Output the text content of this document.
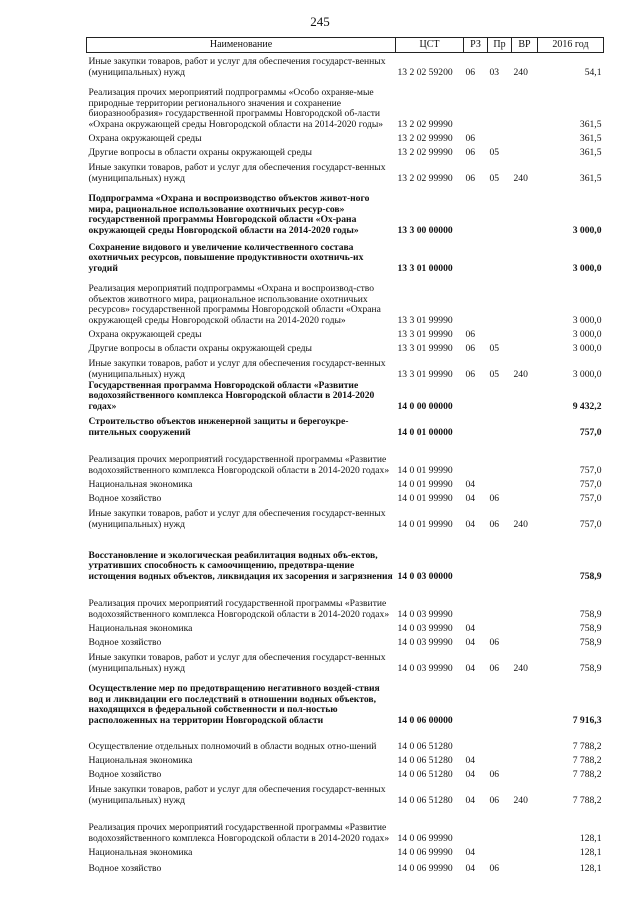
245
Наименование	ЦСТ	РЗ	Пр	ВР	2016 год
Иные закупки товаров, работ и услуг для обеспечения государст-венных (муниципальных) нужд	13 2 02 59200	06	03	240	54,1
Реализация прочих мероприятий подпрограммы «Особо охраняе-мые природные территории регионального значения и сохранение биоразнообразия» государственной программы Новгородской об-ласти «Охрана окружающей среды Новгородской области на 2014-2020 годы»	13 2 02 99990				361,5
Охрана окружающей среды	13 2 02 99990	06			361,5
Другие вопросы в области охраны окружающей среды	13 2 02 99990	06	05		361,5
Иные закупки товаров, работ и услуг для обеспечения государст-венных (муниципальных) нужд	13 2 02 99990	06	05	240	361,5
Подпрограмма «Охрана и воспроизводство объектов живот-ного мира, рациональное использование охотничьих ресур-сов» государственной программы Новгородской области «Ох-рана окружающей среды Новгородской области на 2014-2020 годы»	13 3 00 00000				3 000,0
Сохранение видового и увеличение количественного состава охотничьих ресурсов, повышение продуктивности охотничь-их угодий	13 3 01 00000				3 000,0
Реализация мероприятий подпрограммы «Охрана и воспроизвод-ство объектов животного мира, рациональное использование охотничьих ресурсов» государственной программы Новгородской области «Охрана окружающей среды Новгородской области на 2014-2020 годы»	13 3 01 99990				3 000,0
Охрана окружающей среды	13 3 01 99990	06			3 000,0
Другие вопросы в области охраны окружающей среды	13 3 01 99990	06	05		3 000,0
Иные закупки товаров, работ и услуг для обеспечения государст-венных (муниципальных) нужд	13 3 01 99990	06	05	240	3 000,0
Государственная программа Новгородской области «Развитие водохозяйственного комплекса Новгородской области в 2014-2020 годах»	14 0 00 00000				9 432,2
Строительство объектов инженерной защиты и берегоукре-пительных сооружений	14 0 01 00000				757,0
Реализация прочих мероприятий государственной программы «Развитие водохозяйственного комплекса Новгородской области в 2014-2020 годах»	14 0 01 99990				757,0
Национальная экономика	14 0 01 99990	04			757,0
Водное хозяйство	14 0 01 99990	04	06		757,0
Иные закупки товаров, работ и услуг для обеспечения государст-венных (муниципальных) нужд	14 0 01 99990	04	06	240	757,0
Восстановление и экологическая реабилитация водных объ-ектов, утративших способность к самоочищению, предотвра-щение истощения водных объектов, ликвидация их засорения и загрязнения	14 0 03 00000				758,9
Реализация прочих мероприятий государственной программы «Развитие водохозяйственного комплекса Новгородской области в 2014-2020 годах»	14 0 03 99990				758,9
Национальная экономика	14 0 03 99990	04			758,9
Водное хозяйство	14 0 03 99990	04	06		758,9
Иные закупки товаров, работ и услуг для обеспечения государст-венных (муниципальных) нужд	14 0 03 99990	04	06	240	758,9
Осуществление мер по предотвращению негативного воздей-ствия вод и ликвидации его последствий в отношении водных объектов, находящихся в федеральной собственности и пол-ностью расположенных на территории Новгородской области	14 0 06 00000				7 916,3
Осуществление отдельных полномочий в области водных отно-шений	14 0 06 51280				7 788,2
Национальная экономика	14 0 06 51280	04			7 788,2
Водное хозяйство	14 0 06 51280	04	06		7 788,2
Иные закупки товаров, работ и услуг для обеспечения государст-венных (муниципальных) нужд	14 0 06 51280	04	06	240	7 788,2
Реализация прочих мероприятий государственной программы «Развитие водохозяйственного комплекса Новгородской области в 2014-2020 годах»	14 0 06 99990				128,1
Национальная экономика	14 0 06 99990	04			128,1
Водное хозяйство	14 0 06 99990	04	06		128,1
